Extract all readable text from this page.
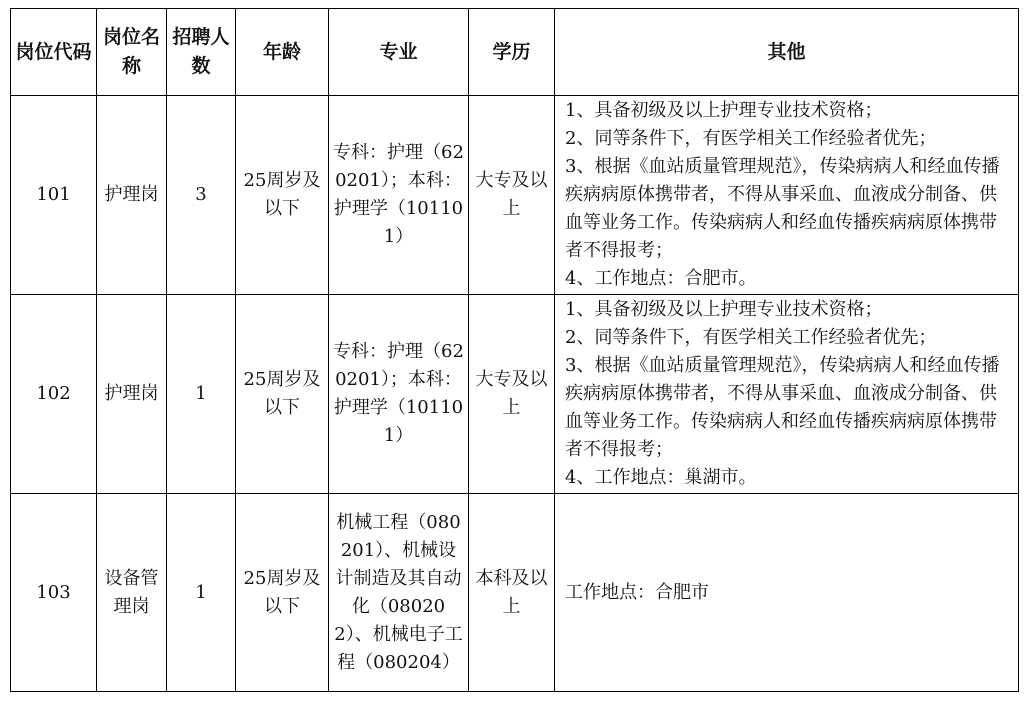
岗位代码	岗位名称	招聘人数	年龄	专业	学历	其他
101	护理岗	3	25周岁及以下	专科：护理（620201）；本科：护理学（101101）	大专及以上	1、具备初级及以上护理专业技术资格；
2、同等条件下，有医学相关工作经验者优先；
3、根据《血站质量管理规范》，传染病病人和经血传播疾病病原体携带者，不得从事采血、血液成分制备、供血等业务工作。传染病病人和经血传播疾病病原体携带者不得报考；
4、工作地点：合肥市。

102	护理岗	1	25周岁及以下	专科：护理（620201）；本科：护理学（101101）	大专及以上	1、具备初级及以上护理专业技术资格；
2、同等条件下，有医学相关工作经验者优先；
3、根据《血站质量管理规范》，传染病病人和经血传播疾病病原体携带者，不得从事采血、血液成分制备、供血等业务工作。传染病病人和经血传播疾病病原体携带者不得报考；
4、工作地点：巢湖市。

103	设备管理岗	1	25周岁及以下	机械工程（080201）、机械设计制造及其自动化（080202）、机械电子工程（080204）	本科及以上	工作地点：合肥市
